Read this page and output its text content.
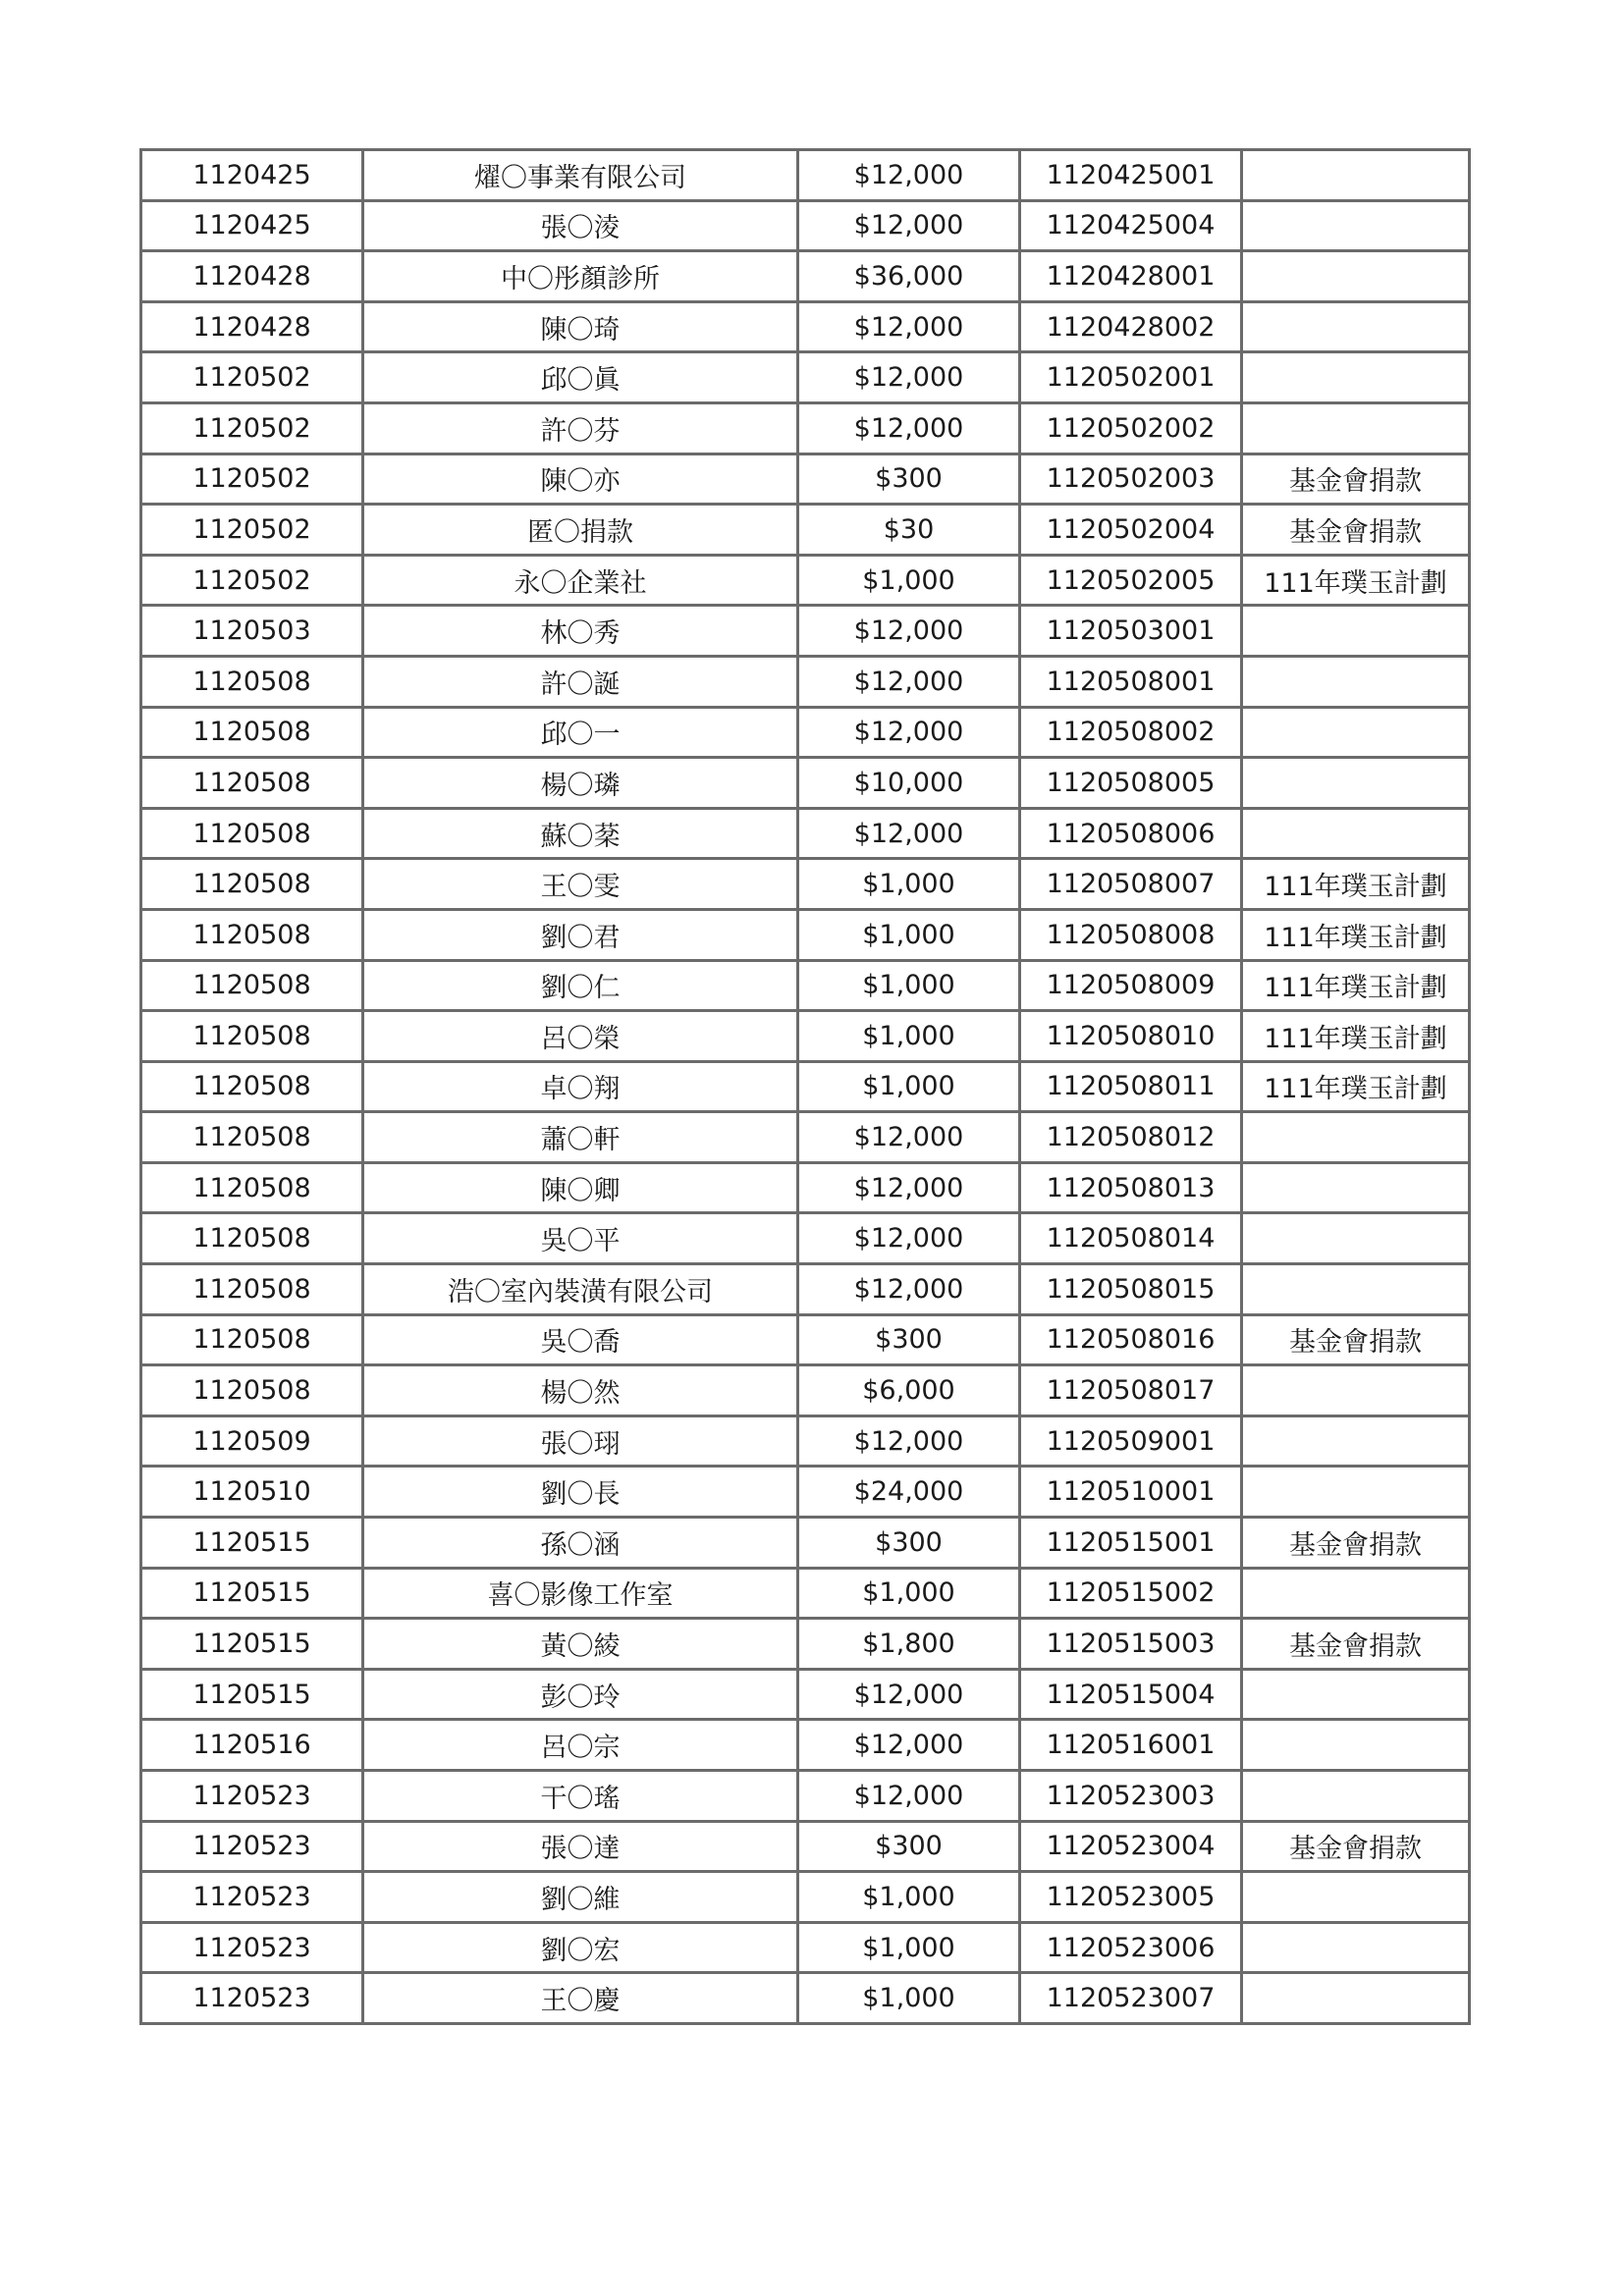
1120425	燿〇事業有限公司	$12,000	1120425001	
1120425	張〇淩	$12,000	1120425004	
1120428	中〇彤顏診所	$36,000	1120428001	
1120428	陳〇琦	$12,000	1120428002	
1120502	邱〇眞	$12,000	1120502001	
1120502	許〇芬	$12,000	1120502002	
1120502	陳〇亦	$300	1120502003	基金會捐款
1120502	匿〇捐款	$30	1120502004	基金會捐款
1120502	永〇企業社	$1,000	1120502005	111年璞玉計劃
1120503	林〇秀	$12,000	1120503001	
1120508	許〇誕	$12,000	1120508001	
1120508	邱〇一	$12,000	1120508002	
1120508	楊〇璘	$10,000	1120508005	
1120508	蘇〇棻	$12,000	1120508006	
1120508	王〇雯	$1,000	1120508007	111年璞玉計劃
1120508	劉〇君	$1,000	1120508008	111年璞玉計劃
1120508	劉〇仁	$1,000	1120508009	111年璞玉計劃
1120508	呂〇榮	$1,000	1120508010	111年璞玉計劃
1120508	卓〇翔	$1,000	1120508011	111年璞玉計劃
1120508	蕭〇軒	$12,000	1120508012	
1120508	陳〇卿	$12,000	1120508013	
1120508	吳〇平	$12,000	1120508014	
1120508	浩〇室內裝潢有限公司	$12,000	1120508015	
1120508	吳〇喬	$300	1120508016	基金會捐款
1120508	楊〇然	$6,000	1120508017	
1120509	張〇珝	$12,000	1120509001	
1120510	劉〇長	$24,000	1120510001	
1120515	孫〇涵	$300	1120515001	基金會捐款
1120515	喜〇影像工作室	$1,000	1120515002	
1120515	黃〇綾	$1,800	1120515003	基金會捐款
1120515	彭〇玲	$12,000	1120515004	
1120516	呂〇宗	$12,000	1120516001	
1120523	干〇瑤	$12,000	1120523003	
1120523	張〇達	$300	1120523004	基金會捐款
1120523	劉〇維	$1,000	1120523005	
1120523	劉〇宏	$1,000	1120523006	
1120523	王〇慶	$1,000	1120523007	
